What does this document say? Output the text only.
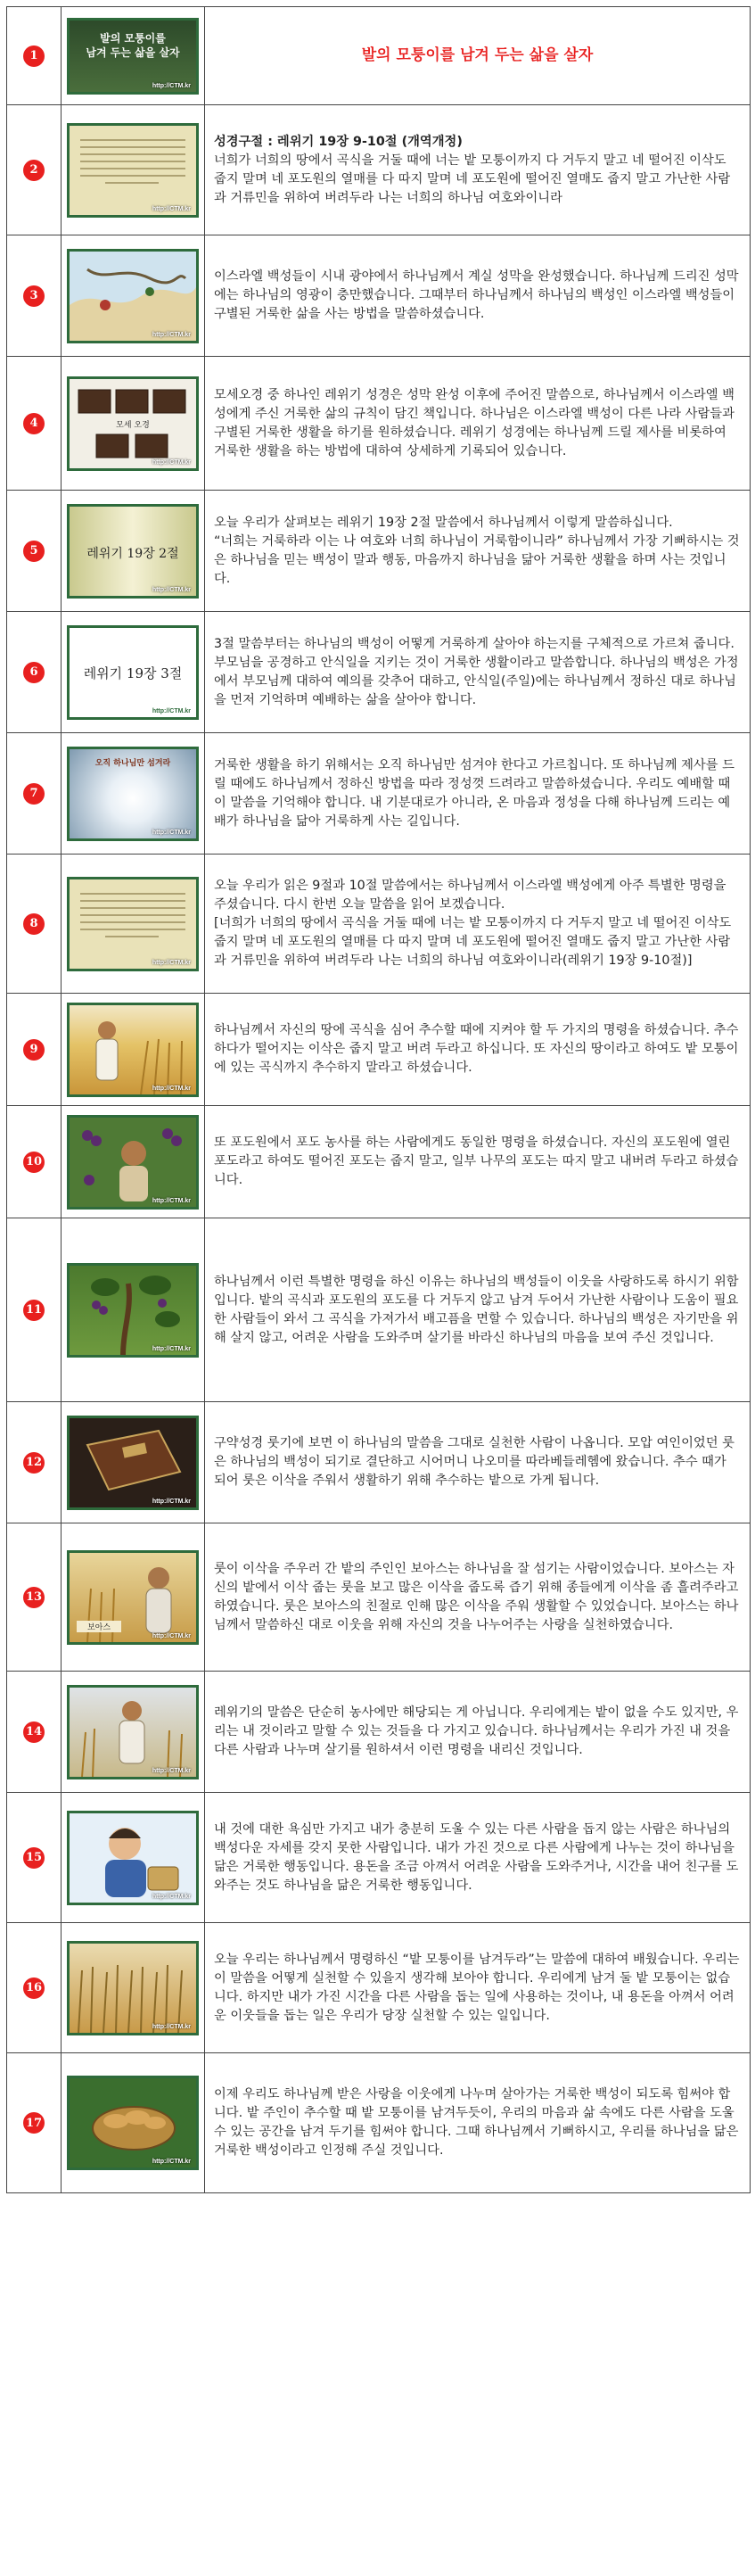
1
발의 모퉁이를
남겨 두는 삶을 살자
http://CTM.kr

발의 모퉁이를 남겨 두는 삶을 살자

2
http://CTM.kr

성경구절 : 레위기 19장 9-10절 (개역개정)

너희가 너희의 땅에서 곡식을 거둘 때에 너는 밭 모퉁이까지 다 거두지 말고 네 떨어진 이삭도 줍지 말며 네 포도원의 열매를 다 따지 말며 네 포도원에 떨어진 열매도 줍지 말고 가난한 사람과 거류민을 위하여 버려두라 나는 너희의 하나님 여호와이니라

3
http://CTM.kr

이스라엘 백성들이 시내 광야에서 하나님께서 계실 성막을 완성했습니다. 하나님께 드리진 성막에는 하나님의 영광이 충만했습니다. 그때부터 하나님께서 하나님의 백성인 이스라엘 백성들이 구별된 거룩한 삶을 사는 방법을 말씀하셨습니다.

4	모세 오경
http://CTM.kr

모세오경 중 하나인 레위기 성경은 성막 완성 이후에 주어진 말씀으로, 하나님께서 이스라엘 백성에게 주신 거룩한 삶의 규칙이 담긴 책입니다. 하나님은 이스라엘 백성이 다른 나라 사람들과 구별된 거룩한 생활을 하기를 원하셨습니다. 레위기 성경에는 하나님께 드릴 제사를 비롯하여 거룩한 생활을 하는 방법에 대하여 상세하게 기록되어 있습니다.

5	레위기 19장 2절
http://CTM.kr

오늘 우리가 살펴보는 레위기 19장 2절 말씀에서 하나님께서 이렇게 말씀하십니다.
“너희는 거룩하라 이는 나 여호와 너희 하나님이 거룩함이니라” 하나님께서 가장 기뻐하시는 것은 하나님을 믿는 백성이 말과 행동, 마음까지 하나님을 닮아 거룩한 생활을 하며 사는 것입니다.

6	레위기 19장 3절
http://CTM.kr

3절 말씀부터는 하나님의 백성이 어떻게 거룩하게 살아야 하는지를 구체적으로 가르쳐 줍니다. 부모님을 공경하고 안식일을 지키는 것이 거룩한 생활이라고 말씀합니다. 하나님의 백성은 가정에서 부모님께 대하여 예의를 갖추어 대하고, 안식일(주일)에는 하나님께서 정하신 대로 하나님을 먼저 기억하며 예배하는 삶을 살아야 합니다.

7
오직 하나님만 섬겨라
http://CTM.kr

거룩한 생활을 하기 위해서는 오직 하나님만 섬겨야 한다고 가르칩니다. 또 하나님께 제사를 드릴 때에도 하나님께서 정하신 방법을 따라 정성껏 드려라고 말씀하셨습니다. 우리도 예배할 때 이 말씀을 기억해야 합니다. 내 기분대로가 아니라, 온 마음과 정성을 다해 하나님께 드리는 예배가 하나님을 닮아 거룩하게 사는 길입니다.

8
http://CTM.kr

오늘 우리가 읽은 9절과 10절 말씀에서는 하나님께서 이스라엘 백성에게 아주 특별한 명령을 주셨습니다. 다시 한번 오늘 말씀을 읽어 보겠습니다.
[너희가 너희의 땅에서 곡식을 거둘 때에 너는 밭 모퉁이까지 다 거두지 말고 네 떨어진 이삭도 줍지 말며 네 포도원의 열매를 다 따지 말며 네 포도원에 떨어진 열매도 줍지 말고 가난한 사람과 거류민을 위하여 버려두라 나는 너희의 하나님 여호와이니라(레위기 19장 9-10절)]

9
http://CTM.kr

하나님께서 자신의 땅에 곡식을 심어 추수할 때에 지켜야 할 두 가지의 명령을 하셨습니다. 추수하다가 떨어지는 이삭은 줍지 말고 버려 두라고 하십니다. 또 자신의 땅이라고 하여도 밭 모퉁이에 있는 곡식까지 추수하지 말라고 하셨습니다.

10
http://CTM.kr

또 포도원에서 포도 농사를 하는 사람에게도 동일한 명령을 하셨습니다. 자신의 포도원에 열린 포도라고 하여도 떨어진 포도는 줍지 말고, 일부 나무의 포도는 따지 말고 내버려 두라고 하셨습니다.

11
http://CTM.kr

하나님께서 이런 특별한 명령을 하신 이유는 하나님의 백성들이 이웃을 사랑하도록 하시기 위함입니다. 밭의 곡식과 포도원의 포도를 다 거두지 않고 남겨 두어서 가난한 사람이나 도움이 필요한 사람들이 와서 그 곡식을 가져가서 배고픔을 면할 수 있습니다. 하나님의 백성은 자기만을 위해 살지 않고, 어려운 사람을 도와주며 살기를 바라신 하나님의 마음을 보여 주신 것입니다.

12
http://CTM.kr

구약성경 룻기에 보면 이 하나님의 말씀을 그대로 실천한 사람이 나옵니다. 모압 여인이었던 룻은 하나님의 백성이 되기로 결단하고 시어머니 나오미를 따라베들레헴에 왔습니다. 추수 때가 되어 룻은 이삭을 주워서 생활하기 위해 추수하는 밭으로 가게 됩니다.

13
보아스
http://CTM.kr

룻이 이삭을 주우러 간 밭의 주인인 보아스는 하나님을 잘 섬기는 사람이었습니다. 보아스는 자신의 밭에서 이삭 줍는 룻을 보고 많은 이삭을 줍도록 즙기 위해 종들에게 이삭을 좀 흘려주라고 하였습니다. 룻은 보아스의 친절로 인해 많은 이삭을 주워 생활할 수 있었습니다. 보아스는 하나님께서 말씀하신 대로 이웃을 위해 자신의 것을 나누어주는 사랑을 실천하였습니다.

14
http://CTM.kr

레위기의 말씀은 단순히 농사에만 해당되는 게 아닙니다. 우리에게는 밭이 없을 수도 있지만, 우리는 내 것이라고 말할 수 있는 것들을 다 가지고 있습니다. 하나님께서는 우리가 가진 내 것을 다른 사람과 나누며 살기를 원하셔서 이런 명령을 내리신 것입니다.

15
http://CTM.kr

내 것에 대한 욕심만 가지고 내가 충분히 도울 수 있는 다른 사람을 돕지 않는 사람은 하나님의 백성다운 자세를 갖지 못한 사람입니다. 내가 가진 것으로 다른 사람에게 나누는 것이 하나님을 닮은 거룩한 행동입니다. 용돈을 조금 아껴서 어려운 사람을 도와주거나, 시간을 내어 친구를 도와주는 것도 하나님을 닮은 거룩한 행동입니다.

16
http://CTM.kr

오늘 우리는 하나님께서 명령하신 “밭 모퉁이를 남겨두라”는 말씀에 대하여 배웠습니다. 우리는 이 말씀을 어떻게 실천할 수 있을지 생각해 보아야 합니다. 우리에게 남겨 둘 밭 모퉁이는 없습니다. 하지만 내가 가진 시간을 다른 사람을 돕는 일에 사용하는 것이나, 내 용돈을 아껴서 어려운 이웃들을 돕는 일은 우리가 당장 실천할 수 있는 일입니다.

17
http://CTM.kr

이제 우리도 하나님께 받은 사랑을 이웃에게 나누며 살아가는 거룩한 백성이 되도록 힘써야 합니다. 밭 주인이 추수할 때 밭 모퉁이를 남겨두듯이, 우리의 마음과 삶 속에도 다른 사람을 도울 수 있는 공간을 남겨 두기를 힘써야 합니다. 그때 하나님께서 기뻐하시고, 우리를 하나님을 닮은 거룩한 백성이라고 인정해 주실 것입니다.
